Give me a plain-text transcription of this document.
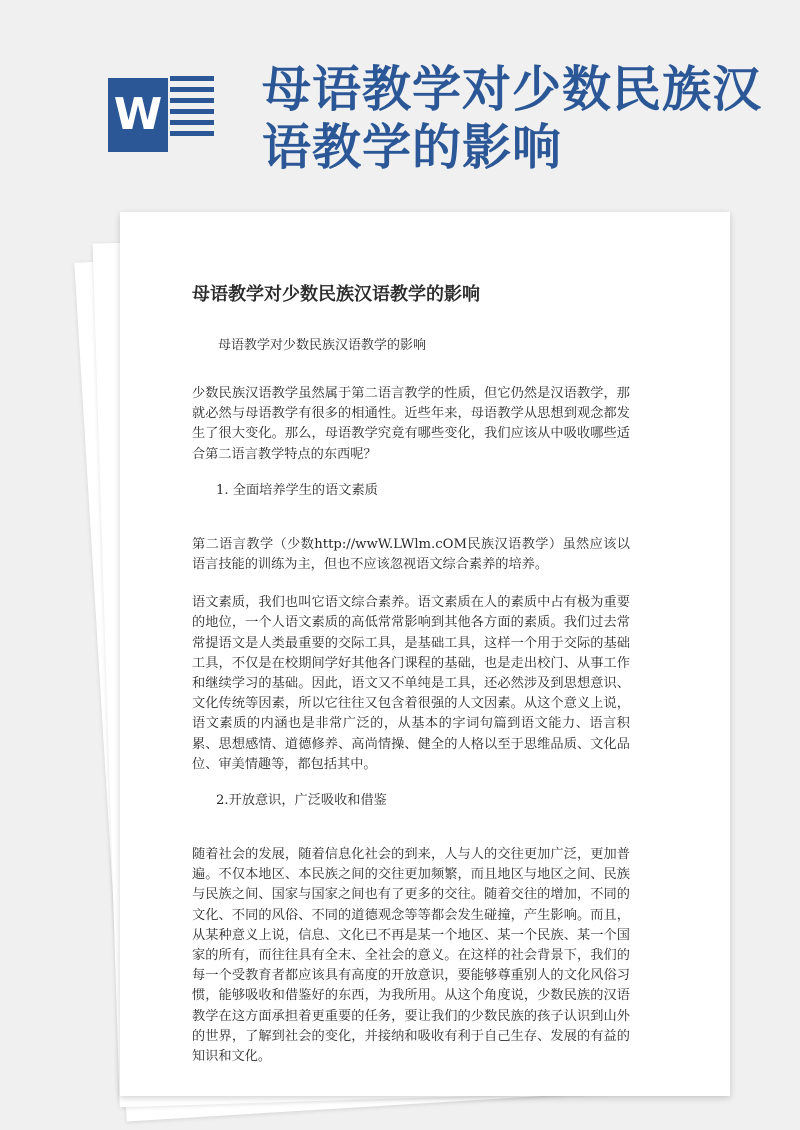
W 母语教学对少数民族汉语教学的影响
母语教学对少数民族汉语教学的影响

母语教学对少数民族汉语教学的影响

少数民族汉语教学虽然属于第二语言教学的性质，但它仍然是汉语教学，那就必然与母语教学有很多的相通性。近些年来，母语教学从思想到观念都发生了很大变化。那么，母语教学究竟有哪些变化，我们应该从中吸收哪些适合第二语言教学特点的东西呢？

1. 全面培养学生的语文素质

第二语言教学（少数http://wwW.LWlm.cOM民族汉语教学）虽然应该以语言技能的训练为主，但也不应该忽视语文综合素养的培养。

语文素质，我们也叫它语文综合素养。语文素质在人的素质中占有极为重要的地位，一个人语文素质的高低常常影响到其他各方面的素质。我们过去常常提语文是人类最重要的交际工具，是基础工具，这样一个用于交际的基础工具，不仅是在校期间学好其他各门课程的基础，也是走出校门、从事工作和继续学习的基础。因此，语文又不单纯是工具，还必然涉及到思想意识、文化传统等因素，所以它往往又包含着很强的人文因素。从这个意义上说，语文素质的内涵也是非常广泛的，从基本的字词句篇到语文能力、语言积累、思想感情、道德修养、高尚情操、健全的人格以至于思维品质、文化品位、审美情趣等，都包括其中。

2.开放意识，广泛吸收和借鉴

随着社会的发展，随着信息化社会的到来，人与人的交往更加广泛，更加普遍。不仅本地区、本民族之间的交往更加频繁，而且地区与地区之间、民族与民族之间、国家与国家之间也有了更多的交往。随着交往的增加，不同的文化、不同的风俗、不同的道德观念等等都会发生碰撞，产生影响。而且，从某种意义上说，信息、文化已不再是某一个地区、某一个民族、某一个国家的所有，而往往具有全末、全社会的意义。在这样的社会背景下，我们的每一个受教育者都应该具有高度的开放意识，要能够尊重别人的文化风俗习惯，能够吸收和借鉴好的东西，为我所用。从这个角度说，少数民族的汉语教学在这方面承担着更重要的任务，要让我们的少数民族的孩子认识到山外的世界，了解到社会的变化，并接纳和吸收有利于自己生存、发展的有益的知识和文化。
